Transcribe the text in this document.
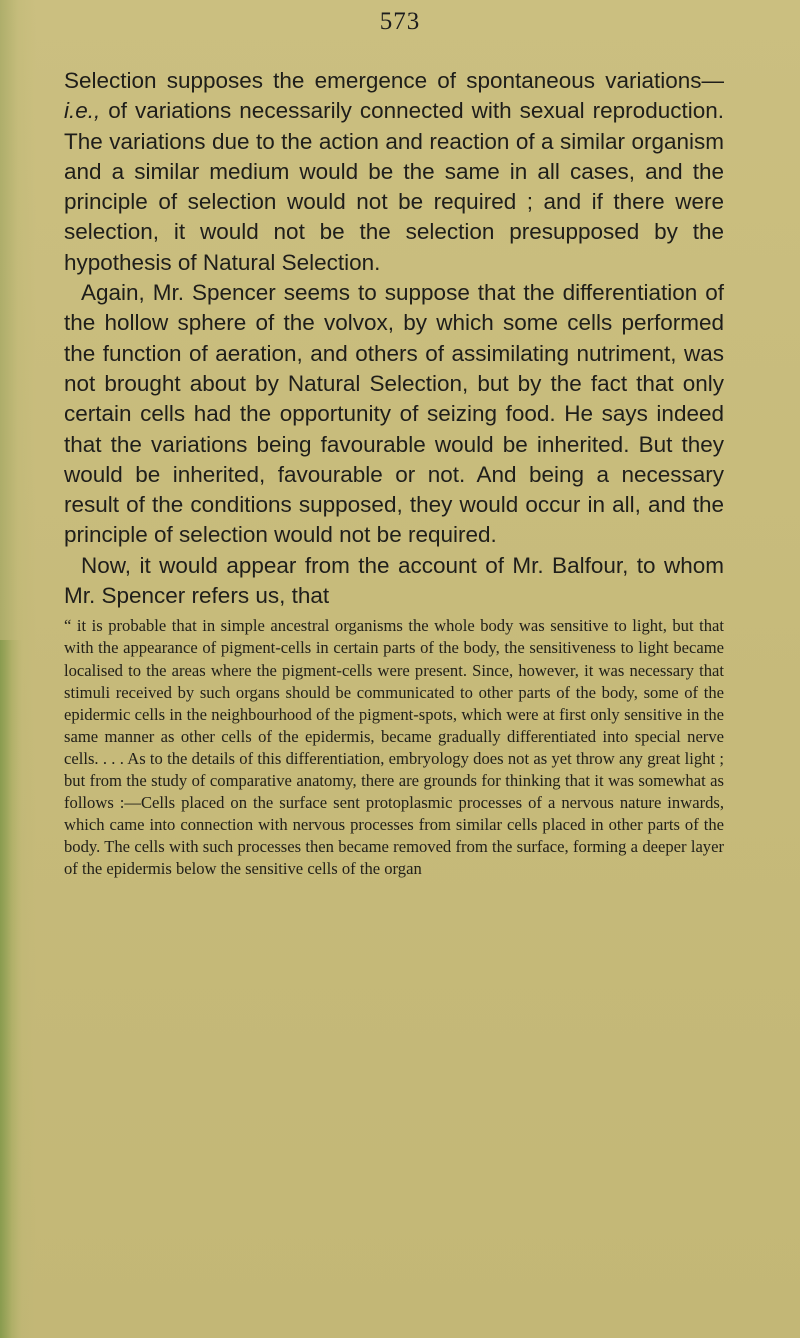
573

Selection supposes the emergence of spontaneous variations—i.e., of variations necessarily connected with sexual reproduction. The variations due to the action and reaction of a similar organism and a similar medium would be the same in all cases, and the principle of selection would not be required ; and if there were selection, it would not be the selection presupposed by the hypothesis of Natural Selection.

Again, Mr. Spencer seems to suppose that the differentiation of the hollow sphere of the volvox, by which some cells performed the function of aeration, and others of assimilating nutriment, was not brought about by Natural Selection, but by the fact that only certain cells had the opportunity of seizing food. He says indeed that the variations being favourable would be inherited. But they would be inherited, favourable or not. And being a necessary result of the conditions supposed, they would occur in all, and the principle of selection would not be required.

Now, it would appear from the account of Mr. Balfour, to whom Mr. Spencer refers us, that

“ it is probable that in simple ancestral organisms the whole body was sensitive to light, but that with the appearance of pigment-cells in certain parts of the body, the sensitiveness to light became localised to the areas where the pigment-cells were present. Since, however, it was necessary that stimuli received by such organs should be communicated to other parts of the body, some of the epidermic cells in the neighbourhood of the pigment-spots, which were at first only sensitive in the same manner as other cells of the epidermis, became gradually differentiated into special nerve cells. . . . As to the details of this differentiation, embryology does not as yet throw any great light ; but from the study of comparative anatomy, there are grounds for thinking that it was somewhat as follows :—Cells placed on the surface sent protoplasmic processes of a nervous nature inwards, which came into connection with nervous processes from similar cells placed in other parts of the body. The cells with such processes then became removed from the surface, forming a deeper layer of the epidermis below the sensitive cells of the organ
